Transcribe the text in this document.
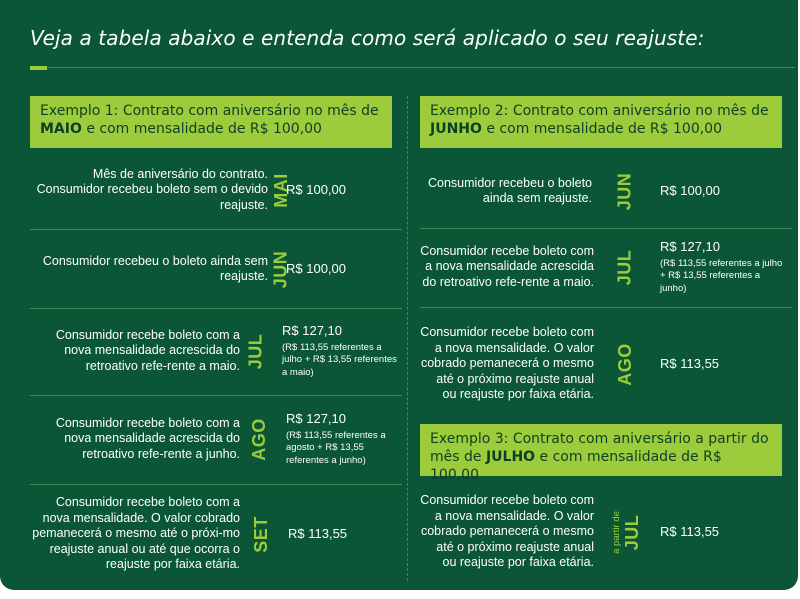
Veja a tabela abaixo e entenda como será aplicado o seu reajuste:
Exemplo 1: Contrato com aniversário no mês de MAIO e com mensalidade de R$ 100,00
Mês de aniversário do contrato. Consumidor recebeu boleto sem o devido reajuste. MAI
R$ 100,00
Consumidor recebeu o boleto ainda sem reajuste. JUN
R$ 100,00
Consumidor recebe boleto com a nova mensalidade acrescida do retroativo refe-rente a maio. JUL
R$ 127,10
(R$ 113,55 referentes a julho + R$ 13,55 referentes a maio)
Consumidor recebe boleto com a nova mensalidade acrescida do retroativo refe-rente a junho. AGO R$ 127,10
(R$ 113,55 referentes a agosto + R$ 13,55 referentes a junho)
Consumidor recebe boleto com a nova mensalidade. O valor cobrado pemanecerá o mesmo até o próxi-mo reajuste anual ou até que ocorra o reajuste por faixa etária.
SET R$ 113,55
Exemplo 2: Contrato com aniversário no mês de JUNHO e com mensalidade de R$ 100,00
Consumidor recebeu o boleto ainda sem reajuste. JUN R$ 100,00
Consumidor recebe boleto com a nova mensalidade acrescida do retroativo refe-rente a maio. JUL
R$ 127,10
(R$ 113,55 referentes a julho + R$ 13,55 referentes a junho)
Consumidor recebe boleto com a nova mensalidade. O valor cobrado pemanecerá o mesmo até o próximo reajuste anual ou reajuste por faixa etária.
AGO R$ 113,55
Exemplo 3: Contrato com aniversário a partir do mês de JULHO e com mensalidade de R$ 100,00
Consumidor recebe boleto com a nova mensalidade. O valor cobrado pemanecerá o mesmo até o próximo reajuste anual ou reajuste por faixa etária.
a partir de JUL R$ 113,55
